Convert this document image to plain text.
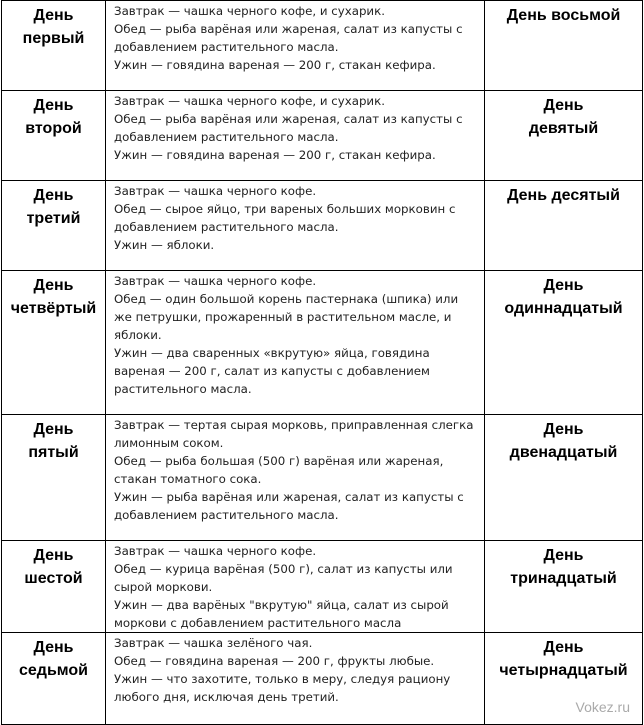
День
первый	Завтрак — чашка черного кофе, и сухарик.
Обед — рыба варёная или жареная, салат из капусты с добавлением растительного масла.
Ужин — говядина вареная — 200 г, стакан кефира.	День восьмой

День
второй	Завтрак — чашка черного кофе, и сухарик.
Обед — рыба варёная или жареная, салат из капусты с добавлением растительного масла.
Ужин — говядина вареная — 200 г, стакан кефира.	День
девятый

День
третий	Завтрак — чашка черного кофе.
Обед — сырое яйцо, три вареных больших морковин с добавлением растительного масла.
Ужин — яблоки.	День десятый

День
четвёртый	Завтрак — чашка черного кофе.
Обед — один большой корень пастернака (шпика) или же петрушки, прожаренный в растительном масле, и яблоки.
Ужин — два сваренных «вкрутую» яйца, говядина вареная — 200 г, салат из капусты с добавлением растительного масла.	День
одиннадцатый

День
пятый	Завтрак — тертая сырая морковь, приправленная слегка лимонным соком.
Обед — рыба большая (500 г) варёная или жареная, стакан томатного сока.
Ужин — рыба варёная или жареная, салат из капусты с добавлением растительного масла.	День
двенадцатый

День
шестой	Завтрак — чашка черного кофе.
Обед — курица варёная (500 г), салат из капусты или сырой моркови.
Ужин — два варёных "вкрутую" яйца, салат из сырой моркови с добавлением растительного масла	День
тринадцатый

День
седьмой	Завтрак — чашка зелёного чая.
Обед — говядина вареная — 200 г, фрукты любые.
Ужин — что захотите, только в меру, следуя рациону любого дня, исключая день третий.	День
четырнадцатый
Vokez.ru
